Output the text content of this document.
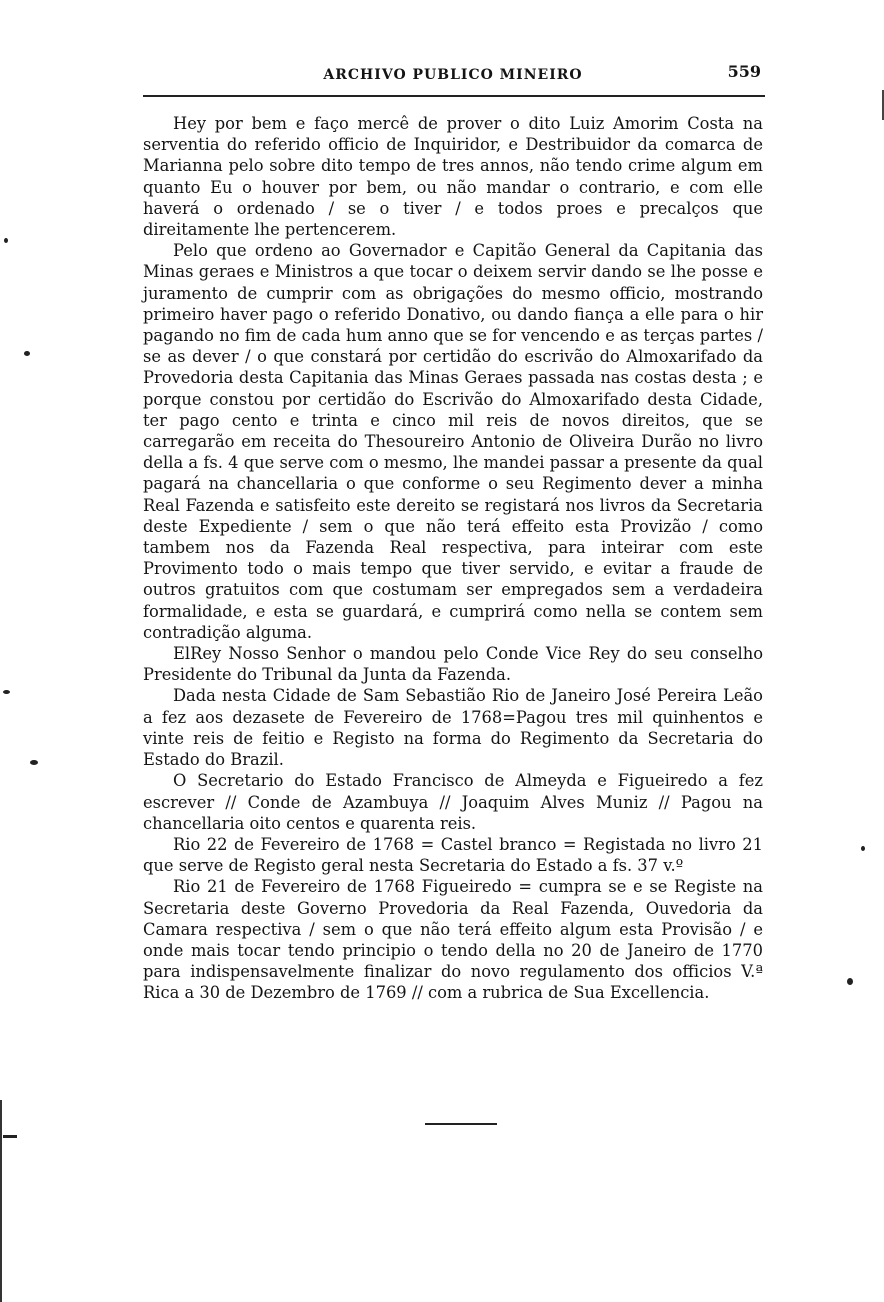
ARCHIVO PUBLICO MINEIRO	559

Hey por bem e faço mercê de prover o dito Luiz Amorim Costa na serventia do referido officio de Inquiridor, e Destribuidor da comarca de Marianna pelo sobre dito tempo de tres annos, não tendo crime algum em quanto Eu o houver por bem, ou não mandar o contrario, e com elle haverá o ordenado / se o tiver / e todos proes e precalços que direitamente lhe pertencerem.

Pelo que ordeno ao Governador e Capitão General da Capitania das Minas geraes e Ministros a que tocar o deixem servir dando se lhe posse e juramento de cumprir com as obrigações do mesmo officio, mostrando primeiro haver pago o referido Donativo, ou dando fiança a elle para o hir pagando no fim de cada hum anno que se for vencendo e as terças partes / se as dever / o que constará por certidão do escrivão do Almoxarifado da Provedoria desta Capitania das Minas Geraes passada nas costas desta ; e porque constou por certidão do Escrivão do Almoxarifado desta Cidade, ter pago cento e trinta e cinco mil reis de novos direitos, que se carregarão em receita do Thesoureiro Antonio de Oliveira Durão no livro della a fs. 4 que serve com o mesmo, lhe mandei passar a presente da qual pagará na chancellaria o que conforme o seu Regimento dever a minha Real Fazenda e satisfeito este dereito se registará nos livros da Secretaria deste Expediente / sem o que não terá effeito esta Provizão / como tambem nos da Fazenda Real respectiva, para inteirar com este Provimento todo o mais tempo que tiver servido, e evitar a fraude de outros gratuitos com que costumam ser empregados sem a verdadeira formalidade, e esta se guardará, e cumprirá como nella se contem sem contradição alguma.

ElRey Nosso Senhor o mandou pelo Conde Vice Rey do seu conselho Presidente do Tribunal da Junta da Fazenda.

Dada nesta Cidade de Sam Sebastião Rio de Janeiro José Pereira Leão a fez aos dezasete de Fevereiro de 1768=Pagou tres mil quinhentos e vinte reis de feitio e Registo na forma do Regimento da Secretaria do Estado do Brazil.

O Secretario do Estado Francisco de Almeyda e Figueiredo a fez escrever // Conde de Azambuya // Joaquim Alves Muniz // Pagou na chancellaria oito centos e quarenta reis.

Rio 22 de Fevereiro de 1768 = Castel branco = Registada no livro 21 que serve de Registo geral nesta Secretaria do Estado a fs. 37 v.º

Rio 21 de Fevereiro de 1768 Figueiredo = cumpra se e se Registe na Secretaria deste Governo Provedoria da Real Fazenda, Ouvedoria da Camara respectiva / sem o que não terá effeito algum esta Provisão / e onde mais tocar tendo principio o tendo della no 20 de Janeiro de 1770 para indispensavelmente finalizar do novo regulamento dos officios V.ª Rica a 30 de Dezembro de 1769 // com a rubrica de Sua Excellencia.
